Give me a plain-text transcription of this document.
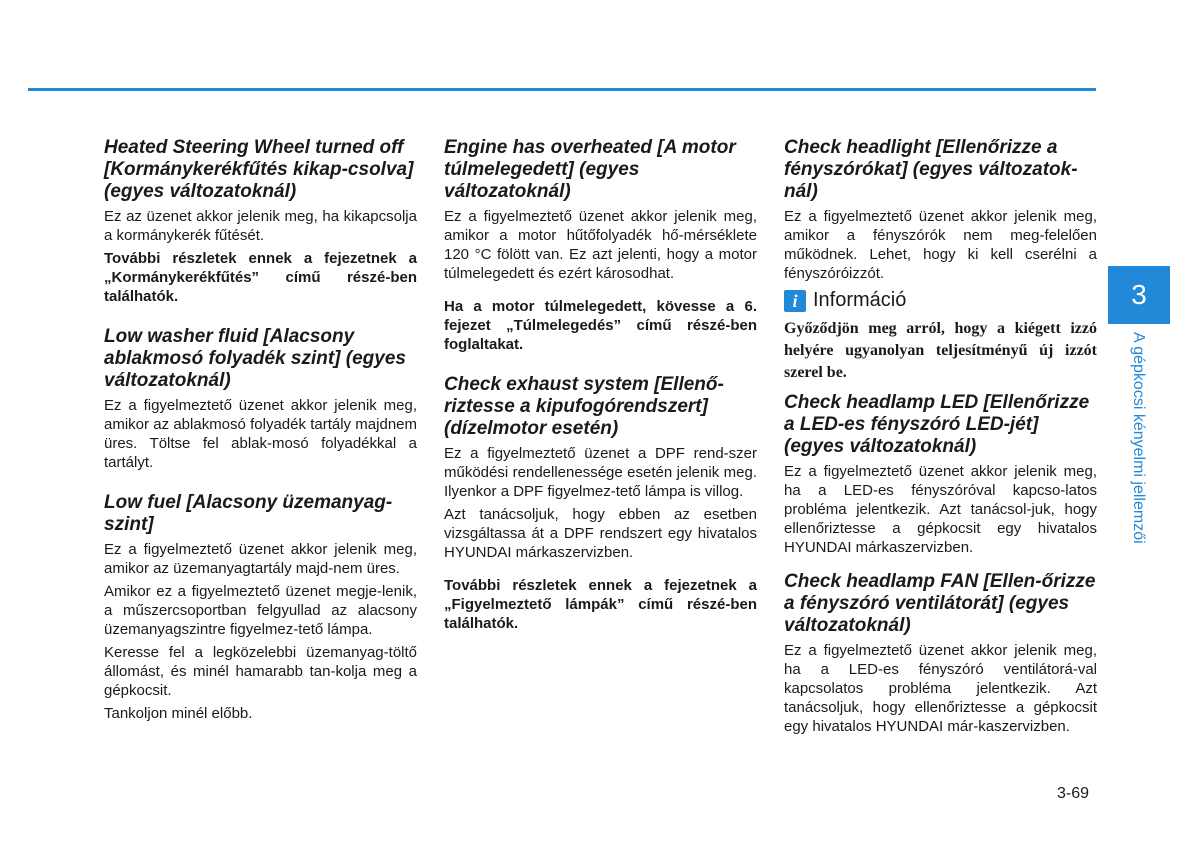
Heated Steering Wheel turned off [Kormánykerékfűtés kikap-csolva] (egyes változatoknál)

Ez az üzenet akkor jelenik meg, ha kikapcsolja a kormánykerék fűtését.

További részletek ennek a fejezetnek a „Kormánykerékfűtés” című részé-ben találhatók.

Low washer fluid [Alacsony ablakmosó folyadék szint] (egyes változatoknál)

Ez a figyelmeztető üzenet akkor jelenik meg, amikor az ablakmosó folyadék tartály majdnem üres. Töltse fel ablak-mosó folyadékkal a tartályt.

Low fuel [Alacsony üzemanyag-szint]

Ez a figyelmeztető üzenet akkor jelenik meg, amikor az üzemanyagtartály majd-nem üres.

Amikor ez a figyelmeztető üzenet megje-lenik, a műszercsoportban felgyullad az alacsony üzemanyagszintre figyelmez-tető lámpa.

Keresse fel a legközelebbi üzemanyag-töltő állomást, és minél hamarabb tan-kolja meg a gépkocsit.

Tankoljon minél előbb.

Engine has overheated [A motor túlmelegedett] (egyes változatoknál)

Ez a figyelmeztető üzenet akkor jelenik meg, amikor a motor hűtőfolyadék hő-mérséklete 120 °C fölött van. Ez azt jelenti, hogy a motor túlmelegedett és ezért károsodhat.

Ha a motor túlmelegedett, kövesse a 6. fejezet „Túlmelegedés” című részé-ben foglaltakat.

Check exhaust system [Ellenő-riztesse a kipufogórendszert] (dízelmotor esetén)

Ez a figyelmeztető üzenet a DPF rend-szer működési rendellenessége esetén jelenik meg. Ilyenkor a DPF figyelmez-tető lámpa is villog.

Azt tanácsoljuk, hogy ebben az esetben vizsgáltassa át a DPF rendszert egy hivatalos HYUNDAI márkaszervizben.

További részletek ennek a fejezetnek a „Figyelmeztető lámpák” című részé-ben találhatók.

Check headlight [Ellenőrizze a fényszórókat] (egyes változatok-nál)

Ez a figyelmeztető üzenet akkor jelenik meg, amikor a fényszórók nem meg-felelően működnek. Lehet, hogy ki kell cserélni a fényszóróizzót.

i Információ

Győződjön meg arról, hogy a kiégett izzó helyére ugyanolyan teljesítményű új izzót szerel be.

Check headlamp LED [Ellenőrizze a LED-es fényszóró LED-jét] (egyes változatoknál)

Ez a figyelmeztető üzenet akkor jelenik meg, ha a LED-es fényszóróval kapcso-latos probléma jelentkezik. Azt tanácsol-juk, hogy ellenőriztesse a gépkocsit egy hivatalos HYUNDAI márkaszervizben.

Check headlamp FAN [Ellen-őrizze a fényszóró ventilátorát] (egyes változatoknál)

Ez a figyelmeztető üzenet akkor jelenik meg, ha a LED-es fényszóró ventilátorá-val kapcsolatos probléma jelentkezik. Azt tanácsoljuk, hogy ellenőriztesse a gépkocsit egy hivatalos HYUNDAI már-kaszervizben.

3
A gépkocsi kényelmi jellemzői
3-69
